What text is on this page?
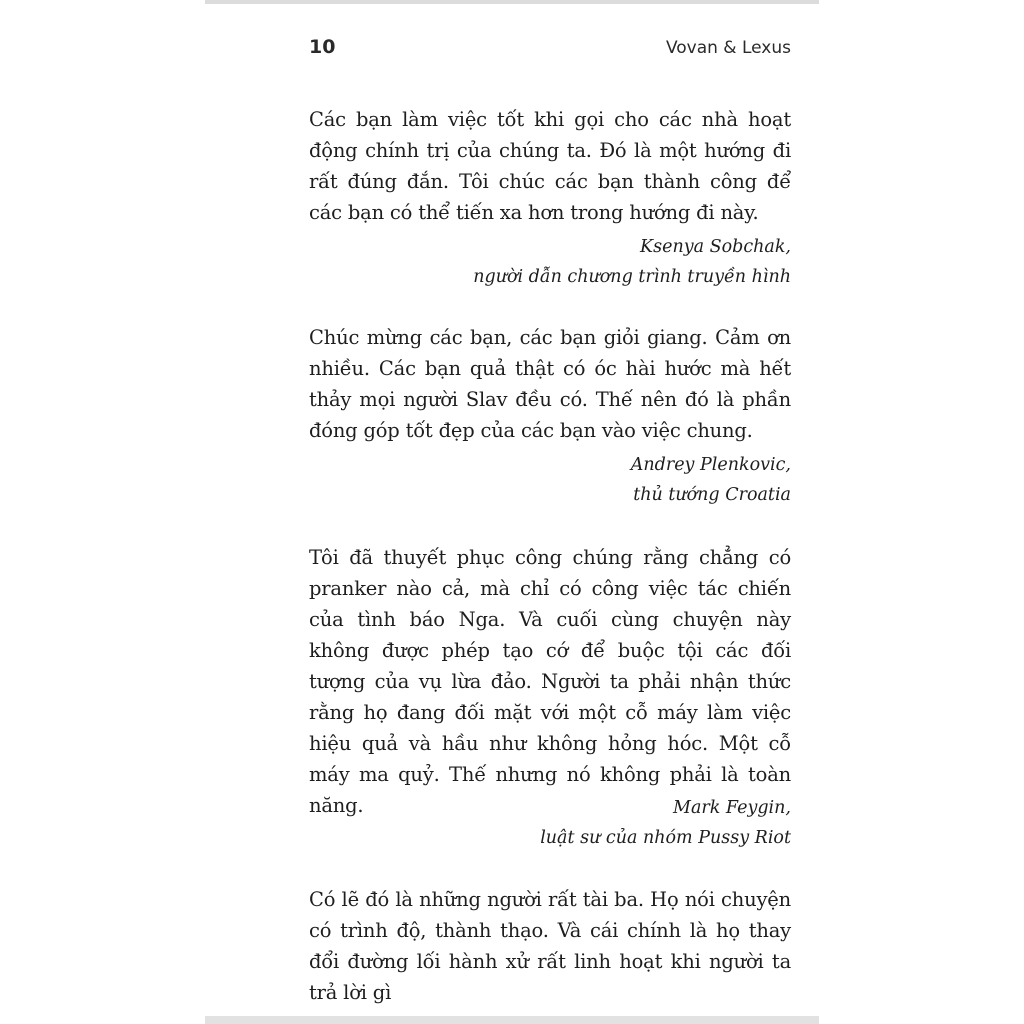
10	Vovan & Lexus

Các bạn làm việc tốt khi gọi cho các nhà hoạt động chính trị của chúng ta. Đó là một hướng đi rất đúng đắn. Tôi chúc các bạn thành công để các bạn có thể tiến xa hơn trong hướng đi này.

Ksenya Sobchak,
người dẫn chương trình truyền hình

Chúc mừng các bạn, các bạn giỏi giang. Cảm ơn nhiều. Các bạn quả thật có óc hài hước mà hết thảy mọi người Slav đều có. Thế nên đó là phần đóng góp tốt đẹp của các bạn vào việc chung.

Andrey Plenkovic,
thủ tướng Croatia

Tôi đã thuyết phục công chúng rằng chẳng có pranker nào cả, mà chỉ có công việc tác chiến của tình báo Nga. Và cuối cùng chuyện này không được phép tạo cớ để buộc tội các đối tượng của vụ lừa đảo. Người ta phải nhận thức rằng họ đang đối mặt với một cỗ máy làm việc hiệu quả và hầu như không hỏng hóc. Một cỗ máy ma quỷ. Thế nhưng nó không phải là toàn năng.	Mark Feygin,
luật sư của nhóm Pussy Riot

Có lẽ đó là những người rất tài ba. Họ nói chuyện có trình độ, thành thạo. Và cái chính là họ thay đổi đường lối hành xử rất linh hoạt khi người ta trả lời gì
